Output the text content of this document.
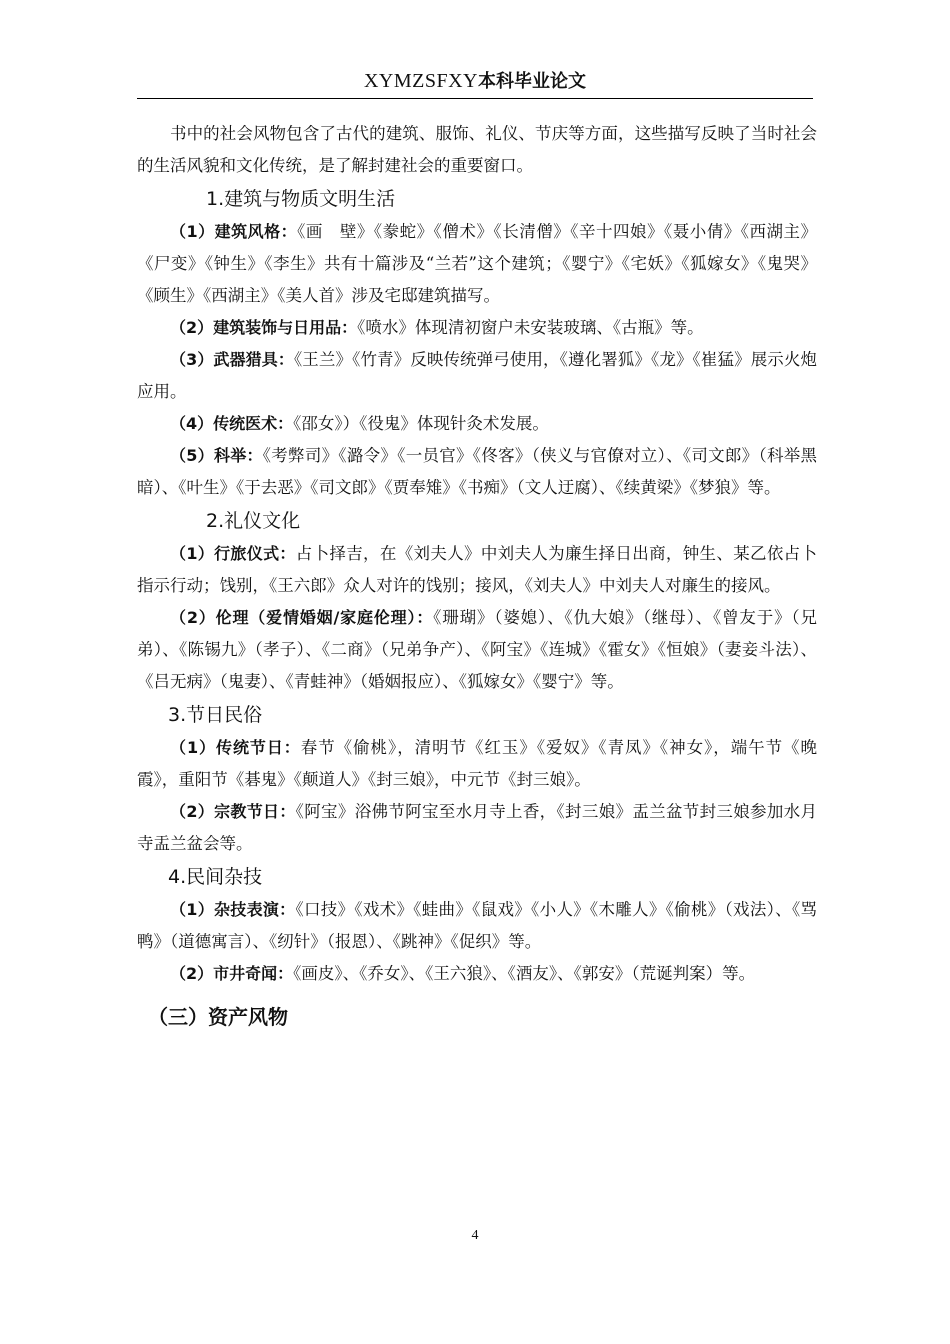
XYMZSFXY本科毕业论文

书中的社会风物包含了古代的建筑、服饰、礼仪、节庆等方面，这些描写反映了当时社会的生活风貌和文化传统，是了解封建社会的重要窗口。

1.建筑与物质文明生活

（1）建筑风格：《画　壁》《豢蛇》《僧术》《长清僧》《辛十四娘》《聂小倩》《西湖主》《尸变》《钟生》《李生》共有十篇涉及“兰若”这个建筑；《婴宁》《宅妖》《狐嫁女》《鬼哭》《顾生》《西湖主》《美人首》涉及宅邸建筑描写。

（2）建筑装饰与日用品：《喷水》体现清初窗户未安装玻璃、《古瓶》等。

（3）武器猎具：《王兰》《竹青》反映传统弹弓使用，《遵化署狐》《龙》《崔猛》展示火炮应用。

（4）传统医术：《邵女》）《役鬼》体现针灸术发展。

（5）科举：《考弊司》《潞令》《一员官》《佟客》（侠义与官僚对立）、《司文郎》（科举黑暗）、《叶生》《于去恶》《司文郎》《贾奉雉》《书痴》（文人迂腐）、《续黄梁》《梦狼》等。

2.礼仪文化

（1）行旅仪式：占卜择吉，在《刘夫人》中刘夫人为廉生择日出商，钟生、某乙依占卜指示行动；饯别，《王六郎》众人对许的饯别；接风，《刘夫人》中刘夫人对廉生的接风。

（2）伦理（爱情婚姻/家庭伦理）：《珊瑚》（婆媳）、《仇大娘》（继母）、《曾友于》（兄弟）、《陈锡九》（孝子）、《二商》（兄弟争产）、《阿宝》《连城》《霍女》《恒娘》（妻妾斗法）、《吕无病》（鬼妻）、《青蛙神》（婚姻报应）、《狐嫁女》《婴宁》等。

3.节日民俗

（1）传统节日：春节《偷桃》，清明节《红玉》《爱奴》《青凤》《神女》，端午节《晚霞》，重阳节《碁鬼》《颠道人》《封三娘》，中元节《封三娘》。

（2）宗教节日：《阿宝》浴佛节阿宝至水月寺上香，《封三娘》盂兰盆节封三娘参加水月寺盂兰盆会等。

4.民间杂技

（1）杂技表演：《口技》《戏术》《蛙曲》《鼠戏》《小人》《木雕人》《偷桃》（戏法）、《骂鸭》（道德寓言）、《纫针》（报恩）、《跳神》《促织》等。

（2）市井奇闻：《画皮》、《乔女》、《王六狼》、《酒友》、《郭安》（荒诞判案）等。

（三）资产风物
4
